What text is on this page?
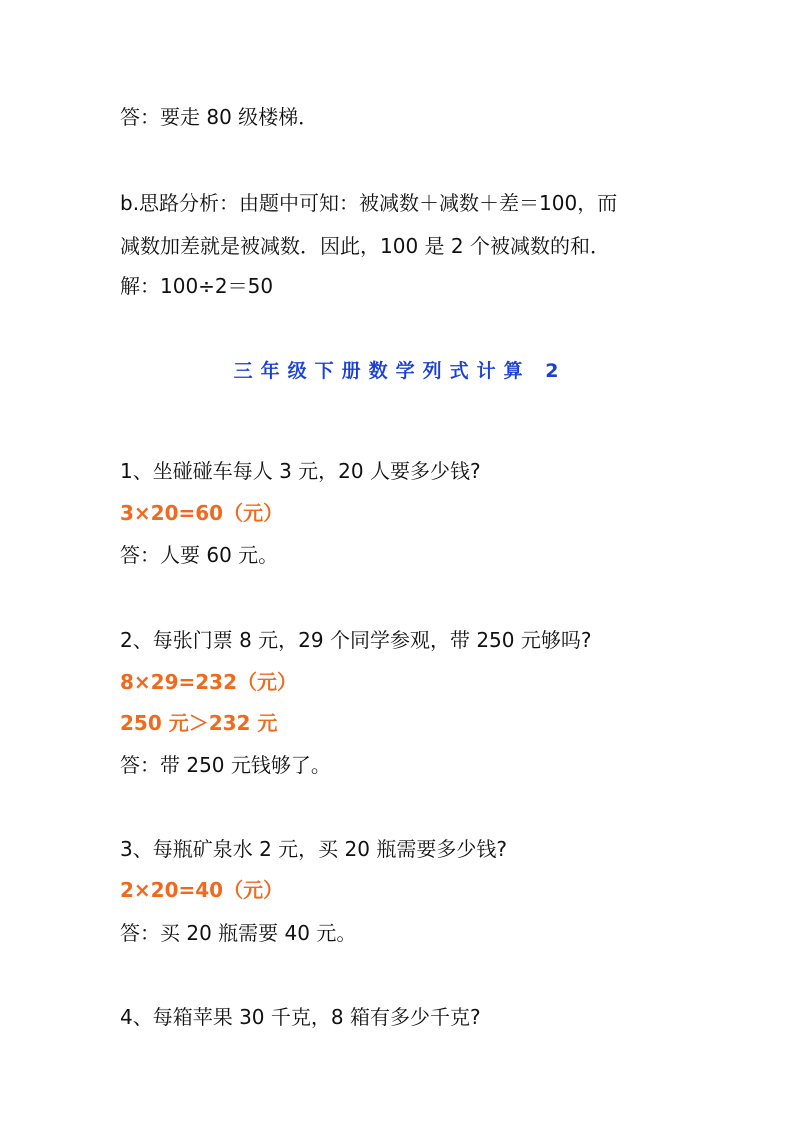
答：要走 80 级楼梯．
b.思路分析：由题中可知：被减数＋减数＋差＝100，而
减数加差就是被减数．因此，100 是 2 个被减数的和．
解：100÷2＝50
三年级下册数学列式计算 2
1、坐碰碰车每人 3 元，20 人要多少钱?
3×20=60（元）
答：人要 60 元。
2、每张门票 8 元，29 个同学参观，带 250 元够吗?
8×29=232（元）
250 元＞232 元
答：带 250 元钱够了。
3、每瓶矿泉水 2 元，买 20 瓶需要多少钱?
2×20=40（元）
答：买 20 瓶需要 40 元。
4、每箱苹果 30 千克，8 箱有多少千克?
